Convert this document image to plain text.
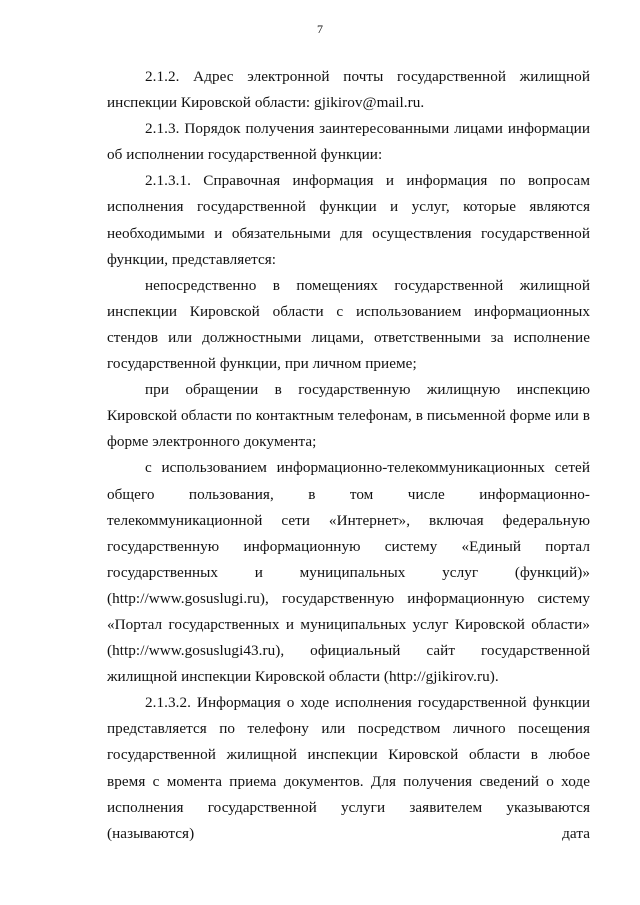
7

2.1.2. Адрес электронной почты государственной жилищной инспекции Кировской области: gjikirov@mail.ru.

2.1.3. Порядок получения заинтересованными лицами информации об исполнении государственной функции:

2.1.3.1. Справочная информация и информация по вопросам исполнения государственной функции и услуг, которые являются необходимыми и обязательными для осуществления государственной функции, представляется:

непосредственно в помещениях государственной жилищной инспекции Кировской области с использованием информационных стендов или должностными лицами, ответственными за исполнение государственной функции, при личном приеме;

при обращении в государственную жилищную инспекцию Кировской области по контактным телефонам, в письменной форме или в форме электронного документа;

с использованием информационно-телекоммуникационных сетей общего пользования, в том числе информационно-телекоммуникационной сети «Интернет», включая федеральную государственную информационную систему «Единый портал государственных и муниципальных услуг (функций)» (http://www.gosuslugi.ru), государственную информационную систему «Портал государственных и муниципальных услуг Кировской области» (http://www.gosuslugi43.ru), официальный сайт государственной жилищной инспекции Кировской области (http://gjikirov.ru).

2.1.3.2. Информация о ходе исполнения государственной функции представляется по телефону или посредством личного посещения государственной жилищной инспекции Кировской области в любое время с момента приема документов. Для получения сведений о ходе исполнения государственной услуги заявителем указываются (называются) дата
